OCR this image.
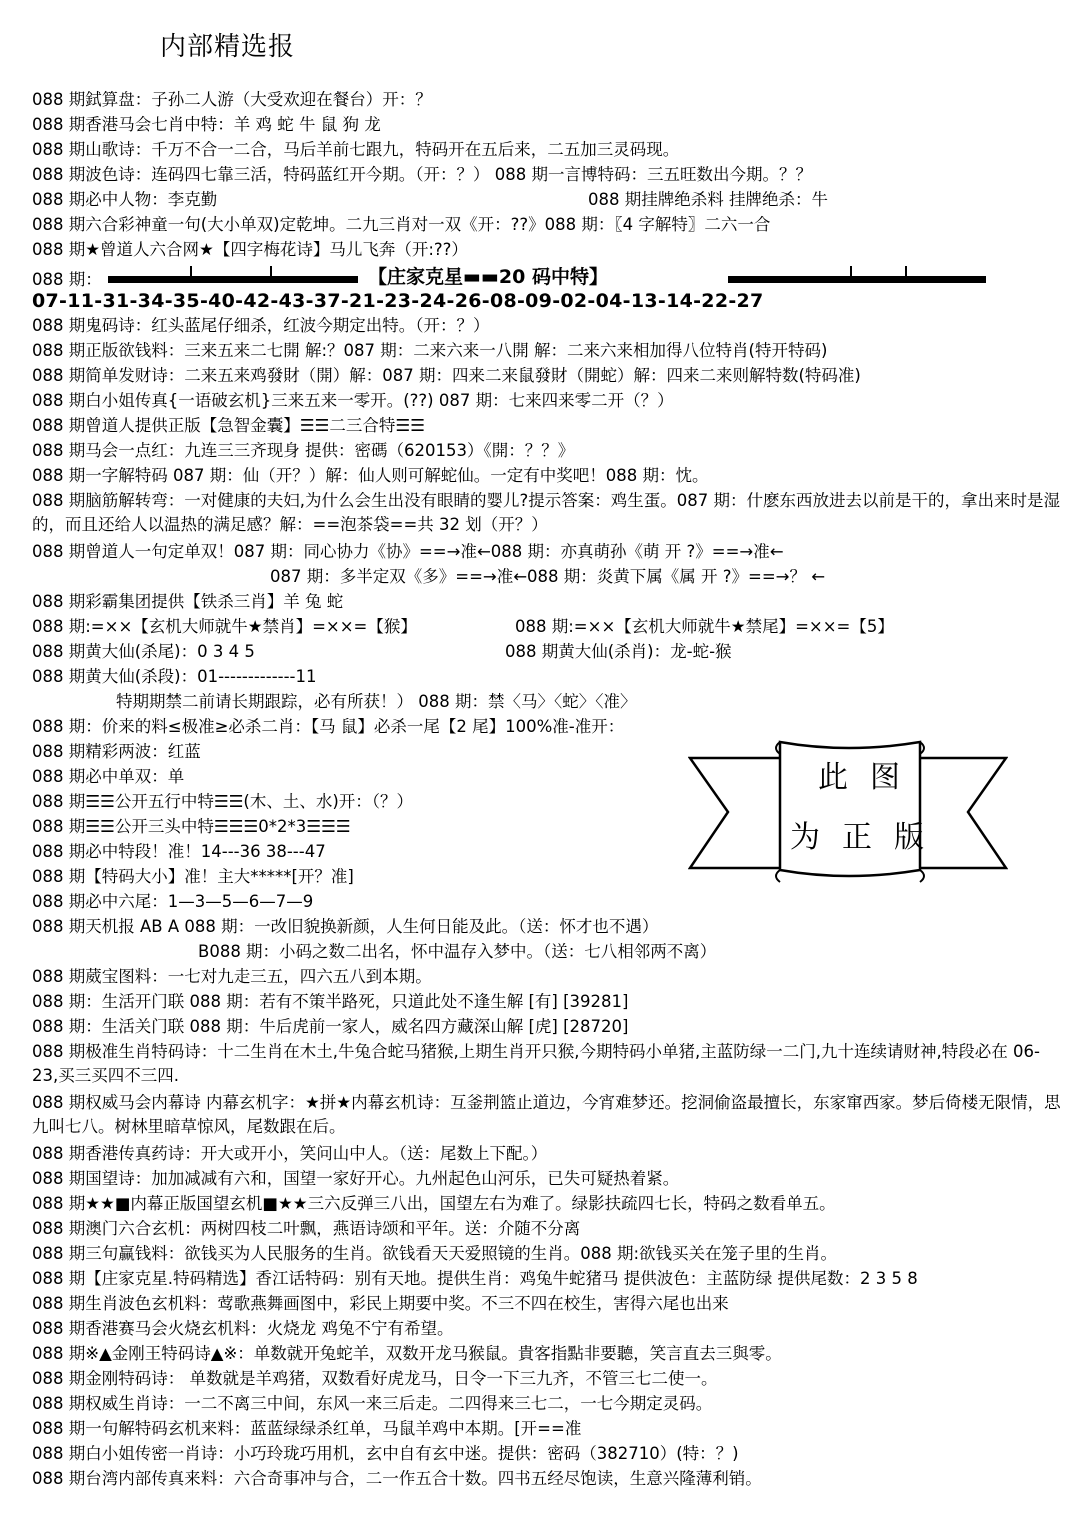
内部精选报
088 期鉽算盘：子孙二人游（大受欢迎在餐台）开：？
088 期香港马会七肖中特：羊 鸡 蛇 牛 鼠 狗 龙
088 期山歌诗：千万不合一二合，马后羊前七跟九，特码开在五后来，二五加三灵码现。
088 期波色诗：连码四七靠三活，特码蓝红开今期。（开：？） 088 期一言博特码：三五旺数出今期。？？
088 期必中人物：李克勤	088 期挂牌绝杀料 挂牌绝杀：牛
088 期六合彩神童一句(大小单双)定乾坤。二九三肖对一双《开：??》088 期：〖4 字解特〗二六一合
088 期★曾道人六合网★【四字梅花诗】马儿飞奔（开:??）
088 期：	【庄家克星▬▬20 码中特】
07-11-31-34-35-40-42-43-37-21-23-24-26-08-09-02-04-13-14-22-27
088 期鬼码诗：红头蓝尾仔细杀，红波今期定出特。（开：？）
088 期正版欲钱料：三来五来二七開 解:？087 期：二来六来一八開 解：二来六来相加得八位特肖(特开特码)
088 期简单发财诗：二来五来鸡發財（開）解：087 期：四来二来鼠發財（開蛇）解：四来二来则解特数(特码准)
088 期白小姐传真{一语破玄机}三来五来一零开。(??) 087 期：七来四来零二开（？）
088 期曾道人提供正版【急智金囊】☰☰二三合特☰☰
088 期马会一点红：九连三三齐现身 提供：密碼（620153）《開：？？》
088 期一字解特码 087 期：仙（开？）解：仙人则可解蛇仙。一定有中奖吧！088 期：忱。
088 期脑筋解转弯：一对健康的夫妇,为什么会生出没有眼睛的婴儿?提示答案：鸡生蛋。087 期：什麽东西放进去以前是干的，拿出来时是湿的，而且还给人以温热的满足感？解：==泡茶袋==共 32 划（开？）
088 期曾道人一句定单双！087 期：同心协力《协》==→准←088 期：亦真萌孙《萌 开 ?》==→准←
087 期：多半定双《多》==→准←088 期：炎黄下属《属 开 ?》==→？ ←
088 期彩霸集团提供【铁杀三肖】羊 兔 蛇
088 期:=××【玄机大师就牛★禁肖】=××=【猴】	088 期:=××【玄机大师就牛★禁尾】=××=【5】
088 期黄大仙(杀尾)：0 3 4 5	088 期黄大仙(杀肖)：龙-蛇-猴
088 期黄大仙(杀段)：01-------------11
特期期禁二前请长期跟踪，必有所获！） 088 期：禁〈马〉〈蛇〉〈准〉
088 期：价来的料≤极准≥必杀二肖：【马 鼠】必杀一尾【2 尾】100%准-准开：
088 期精彩两波：红蓝
088 期必中单双：单
088 期☰☰公开五行中特☰☰(木、土、水)开：（？）
088 期☰☰公开三头中特☰☰☰0*2*3☰☰☰
088 期必中特段！准！14---36 38---47
088 期【特码大小】准！主大*****[开？准]
088 期必中六尾：1—3—5—6—7—9
088 期天机报 AB A 088 期：一改旧貌换新颜，人生何日能及此。（送：怀才也不遇）
B088 期：小码之数二出名，怀中温存入梦中。（送：七八相邻两不离）
此图
为正版
088 期葳宝图料：一七对九走三五，四六五八到本期。
088 期：生活开门联 088 期：若有不策半路死，只道此处不逢生解 [有] [39281]
088 期：生活关门联 088 期：牛后虎前一家人，威名四方藏深山解 [虎] [28720]
088 期极准生肖特码诗：十二生肖在木土,牛兔合蛇马猪猴,上期生肖开只猴,今期特码小单猪,主蓝防绿一二门,九十连续请财神,特段必在 06-23,买三买四不三四.
088 期权威马会内幕诗 内幕玄机字：★拼★内幕玄机诗：互釜荆篮止道边，今宵难梦还。挖洞偷盗最擅长，东家窜西家。梦后倚楼无限情，思九叫七八。树林里暗草惊风，尾数跟在后。
088 期香港传真药诗：开大或开小，笑问山中人。（送：尾数上下配。）
088 期国望诗：加加减减有六和，国望一家好开心。九州起色山河乐，已失可疑热着紧。
088 期★★■内幕正版国望玄机■★★三六反弹三八出，国望左右为难了。绿影扶疏四七长，特码之数看单五。
088 期澳门六合玄机：两树四枝二叶飘，燕语诗颂和平年。送：介随不分离
088 期三句赢钱料：欲钱买为人民服务的生肖。欲钱看天天爱照镜的生肖。088 期:欲钱买关在笼子里的生肖。
088 期【庄家克星.特码精选】香江话特码：别有天地。提供生肖：鸡兔牛蛇猪马 提供波色：主蓝防绿 提供尾数：2 3 5 8
088 期生肖波色玄机料：莺歌燕舞画图中，彩民上期要中奖。不三不四在校生，害得六尾也出来
088 期香港赛马会火烧玄机料：火烧龙 鸡兔不宁有希望。
088 期※▲金刚王特码诗▲※：单数就开兔蛇羊，双数开龙马猴鼠。貴客指點非要聽，笑言直去三與零。
088 期金刚特码诗： 单数就是羊鸡猪，双数看好虎龙马，日令一下三九齐，不管三七二使一。
088 期权威生肖诗：一二不离三中间，东风一来三后走。二四得来三七二，一七今期定灵码。
088 期一句解特码玄机来料：蓝蓝绿绿杀红单，马鼠羊鸡中本期。[开==准
088 期白小姐传密一肖诗：小巧玲珑巧用机，玄中自有玄中迷。提供：密码（382710）(特：？)
088 期台湾内部传真来料：六合奇事冲与合，二一作五合十数。四书五经尽饱读，生意兴隆薄利销。
